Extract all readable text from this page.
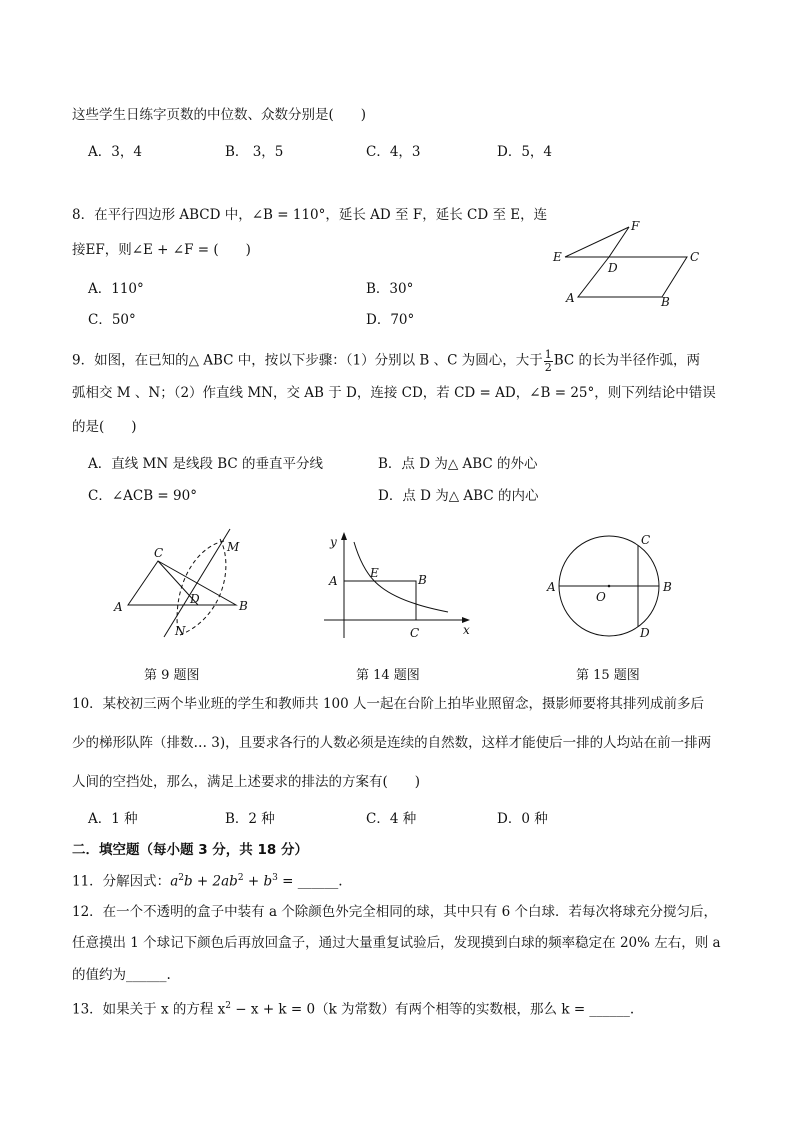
这些学生日练字页数的中位数、众数分别是(　　)
A．3，4	B． 3，5	C．4，3	D．5，4
8．在平行四边形 ABCD 中，∠B = 110°，延长 AD 至 F，延长 CD 至 E，连
接EF，则∠E + ∠F = (　　)
A．110°	B．30°
C．50°	D．70°
E
F
C
D
A	B
9．如图，在已知的△ ABC 中，按以下步骤：（1）分别以 B 、C 为圆心，大于 $\frac{1}{2}$ BC 的长为半径作弧，两
弧相交 M 、N；（2）作直线 MN，交 AB 于 D，连接 CD，若 CD = AD，∠B = 25°，则下列结论中错误
的是(　　)
A．直线 MN 是线段 BC 的垂直平分线	B．点 D 为△ ABC 的外心
C．∠ACB = 90°	D．点 D 为△ ABC 的内心
C	M
A
D	B
N
第 9 题图
y
A
E	B
C	x
第 14 题图
C
A
O
B
D
第 15 题图
10．某校初三两个毕业班的学生和教师共 100 人一起在台阶上拍毕业照留念，摄影师要将其排列成前多后
少的梯形队阵（排数… 3)，且要求各行的人数必须是连续的自然数，这样才能使后一排的人均站在前一排两
人间的空挡处，那么，满足上述要求的排法的方案有(　　)
A．1 种	B．2 种	C．4 种	D．0 种
二．填空题（每小题 3 分，共 18 分）
11．分解因式：$a^2b + 2ab^2 + b^3$ = ______.
12．在一个不透明的盒子中装有 a 个除颜色外完全相同的球，其中只有 6 个白球．若每次将球充分搅匀后，
任意摸出 1 个球记下颜色后再放回盒子，通过大量重复试验后，发现摸到白球的频率稳定在 20% 左右，则 a
的值约为______.
13．如果关于 x 的方程 $x^2 - x + k = 0(k$ 为常数）有两个相等的实数根，那么 k = ______.
